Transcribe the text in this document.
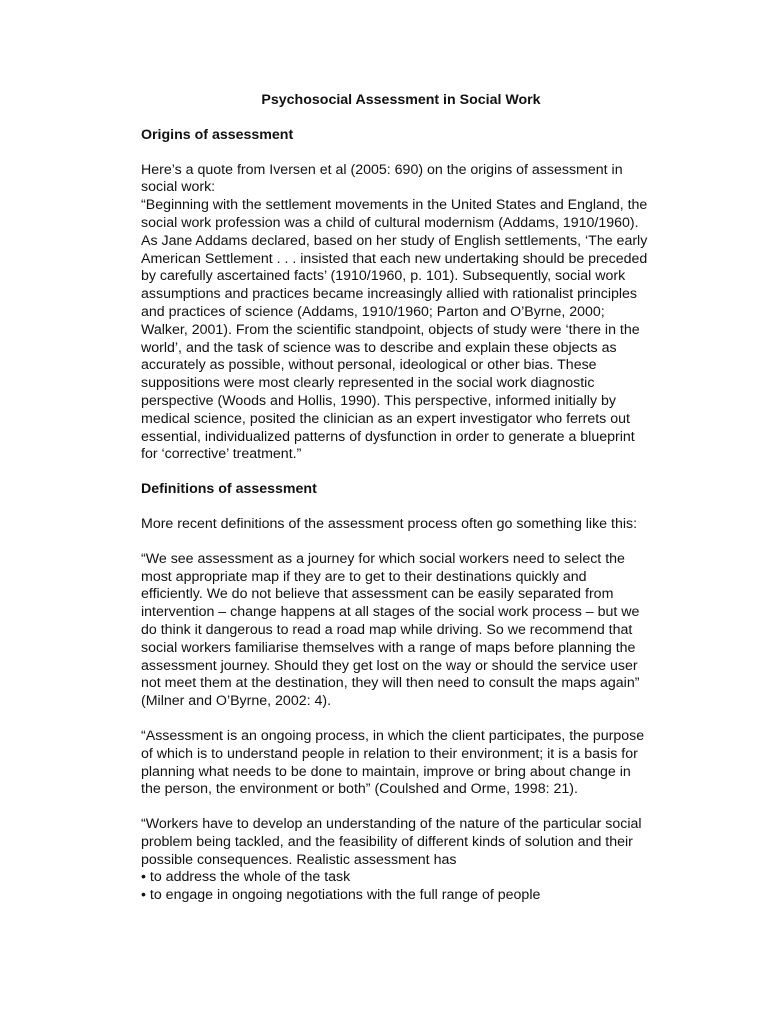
Psychosocial Assessment in Social Work
Origins of assessment
Here’s a quote from Iversen et al (2005: 690) on the origins of assessment in
social work:
“Beginning with the settlement movements in the United States and England, the
social work profession was a child of cultural modernism (Addams, 1910/1960).
As Jane Addams declared, based on her study of English settlements, ‘The early
American Settlement . . . insisted that each new undertaking should be preceded
by carefully ascertained facts’ (1910/1960, p. 101). Subsequently, social work
assumptions and practices became increasingly allied with rationalist principles
and practices of science (Addams, 1910/1960; Parton and O’Byrne, 2000;
Walker, 2001). From the scientific standpoint, objects of study were ‘there in the
world’, and the task of science was to describe and explain these objects as
accurately as possible, without personal, ideological or other bias. These
suppositions were most clearly represented in the social work diagnostic
perspective (Woods and Hollis, 1990). This perspective, informed initially by
medical science, posited the clinician as an expert investigator who ferrets out
essential, individualized patterns of dysfunction in order to generate a blueprint
for ‘corrective’ treatment.”
Definitions of assessment
More recent definitions of the assessment process often go something like this:
“We see assessment as a journey for which social workers need to select the
most appropriate map if they are to get to their destinations quickly and
efficiently. We do not believe that assessment can be easily separated from
intervention – change happens at all stages of the social work process – but we
do think it dangerous to read a road map while driving. So we recommend that
social workers familiarise themselves with a range of maps before planning the
assessment journey. Should they get lost on the way or should the service user
not meet them at the destination, they will then need to consult the maps again”
(Milner and O’Byrne, 2002: 4).
“Assessment is an ongoing process, in which the client participates, the purpose
of which is to understand people in relation to their environment; it is a basis for
planning what needs to be done to maintain, improve or bring about change in
the person, the environment or both” (Coulshed and Orme, 1998: 21).
“Workers have to develop an understanding of the nature of the particular social
problem being tackled, and the feasibility of different kinds of solution and their
possible consequences. Realistic assessment has
• to address the whole of the task
• to engage in ongoing negotiations with the full range of people
